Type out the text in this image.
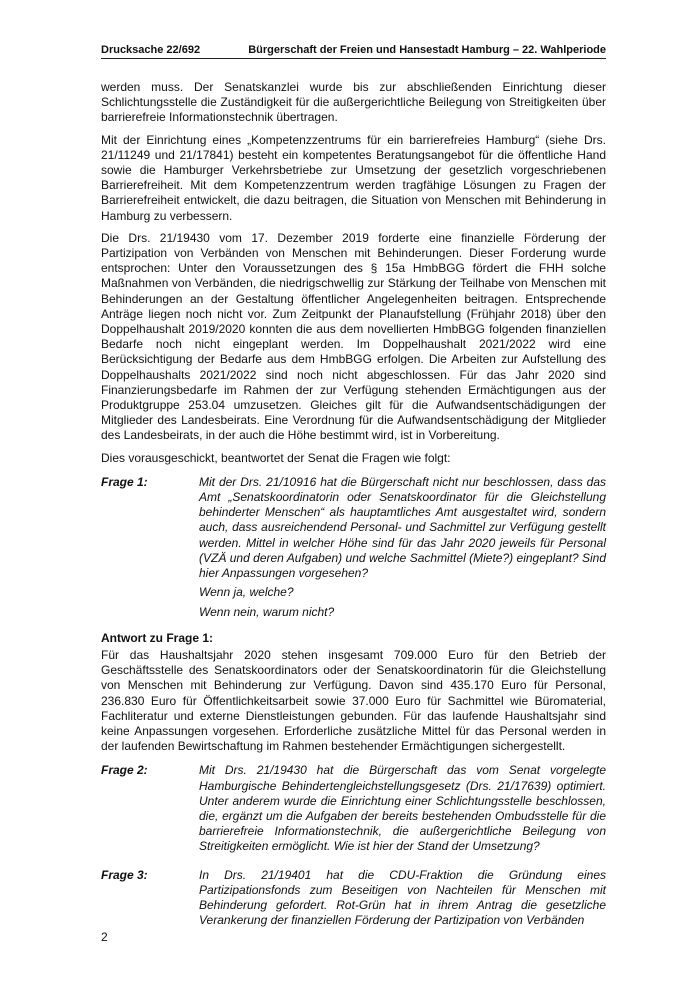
Drucksache 22/692	Bürgerschaft der Freien und Hansestadt Hamburg – 22. Wahlperiode

werden muss. Der Senatskanzlei wurde bis zur abschließenden Einrichtung dieser Schlichtungsstelle die Zuständigkeit für die außergerichtliche Beilegung von Streitigkeiten über barrierefreie Informationstechnik übertragen.

Mit der Einrichtung eines „Kompetenzzentrums für ein barrierefreies Hamburg“ (siehe Drs. 21/11249 und 21/17841) besteht ein kompetentes Beratungsangebot für die öffentliche Hand sowie die Hamburger Verkehrsbetriebe zur Umsetzung der gesetzlich vorgeschriebenen Barrierefreiheit. Mit dem Kompetenzzentrum werden tragfähige Lösungen zu Fragen der Barrierefreiheit entwickelt, die dazu beitragen, die Situation von Menschen mit Behinderung in Hamburg zu verbessern.

Die Drs. 21/19430 vom 17. Dezember 2019 forderte eine finanzielle Förderung der Partizipation von Verbänden von Menschen mit Behinderungen. Dieser Forderung wurde entsprochen: Unter den Voraussetzungen des § 15a HmbBGG fördert die FHH solche Maßnahmen von Verbänden, die niedrigschwellig zur Stärkung der Teilhabe von Menschen mit Behinderungen an der Gestaltung öffentlicher Angelegenheiten beitragen. Entsprechende Anträge liegen noch nicht vor. Zum Zeitpunkt der Planaufstellung (Frühjahr 2018) über den Doppelhaushalt 2019/2020 konnten die aus dem novellierten HmbBGG folgenden finanziellen Bedarfe noch nicht eingeplant werden. Im Doppelhaushalt 2021/2022 wird eine Berücksichtigung der Bedarfe aus dem HmbBGG erfolgen. Die Arbeiten zur Aufstellung des Doppelhaushalts 2021/2022 sind noch nicht abgeschlossen. Für das Jahr 2020 sind Finanzierungsbedarfe im Rahmen der zur Verfügung stehenden Ermächtigungen aus der Produktgruppe 253.04 umzusetzen. Gleiches gilt für die Aufwandsentschädigungen der Mitglieder des Landesbeirats. Eine Verordnung für die Aufwandsentschädigung der Mitglieder des Landesbeirats, in der auch die Höhe bestimmt wird, ist in Vorbereitung.

Dies vorausgeschickt, beantwortet der Senat die Fragen wie folgt:

Frage 1:	Mit der Drs. 21/10916 hat die Bürgerschaft nicht nur beschlossen, dass das Amt „Senatskoordinatorin oder Senatskoordinator für die Gleichstellung behinderter Menschen“ als hauptamtliches Amt ausgestaltet wird, sondern auch, dass ausreichendend Personal- und Sachmittel zur Verfügung gestellt werden. Mittel in welcher Höhe sind für das Jahr 2020 jeweils für Personal (VZÄ und deren Aufgaben) und welche Sachmittel (Miete?) eingeplant? Sind hier Anpassungen vorgesehen?

Wenn ja, welche?

Wenn nein, warum nicht?

Antwort zu Frage 1:

Für das Haushaltsjahr 2020 stehen insgesamt 709.000 Euro für den Betrieb der Geschäftsstelle des Senatskoordinators oder der Senatskoordinatorin für die Gleichstellung von Menschen mit Behinderung zur Verfügung. Davon sind 435.170 Euro für Personal, 236.830 Euro für Öffentlichkeitsarbeit sowie 37.000 Euro für Sachmittel wie Büromaterial, Fachliteratur und externe Dienstleistungen gebunden. Für das laufende Haushaltsjahr sind keine Anpassungen vorgesehen. Erforderliche zusätzliche Mittel für das Personal werden in der laufenden Bewirtschaftung im Rahmen bestehender Ermächtigungen sichergestellt.

Frage 2:	Mit Drs. 21/19430 hat die Bürgerschaft das vom Senat vorgelegte Hamburgische Behindertengleichstellungsgesetz (Drs. 21/17639) optimiert. Unter anderem wurde die Einrichtung einer Schlichtungsstelle beschlossen, die, ergänzt um die Aufgaben der bereits bestehenden Ombudsstelle für die barrierefreie Informationstechnik, die außergerichtliche Beilegung von Streitigkeiten ermöglicht. Wie ist hier der Stand der Umsetzung?

Frage 3:	In Drs. 21/19401 hat die CDU-Fraktion die Gründung eines Partizipationsfonds zum Beseitigen von Nachteilen für Menschen mit Behinderung gefordert. Rot-Grün hat in ihrem Antrag die gesetzliche Verankerung der finanziellen Förderung der Partizipation von Verbänden

2
